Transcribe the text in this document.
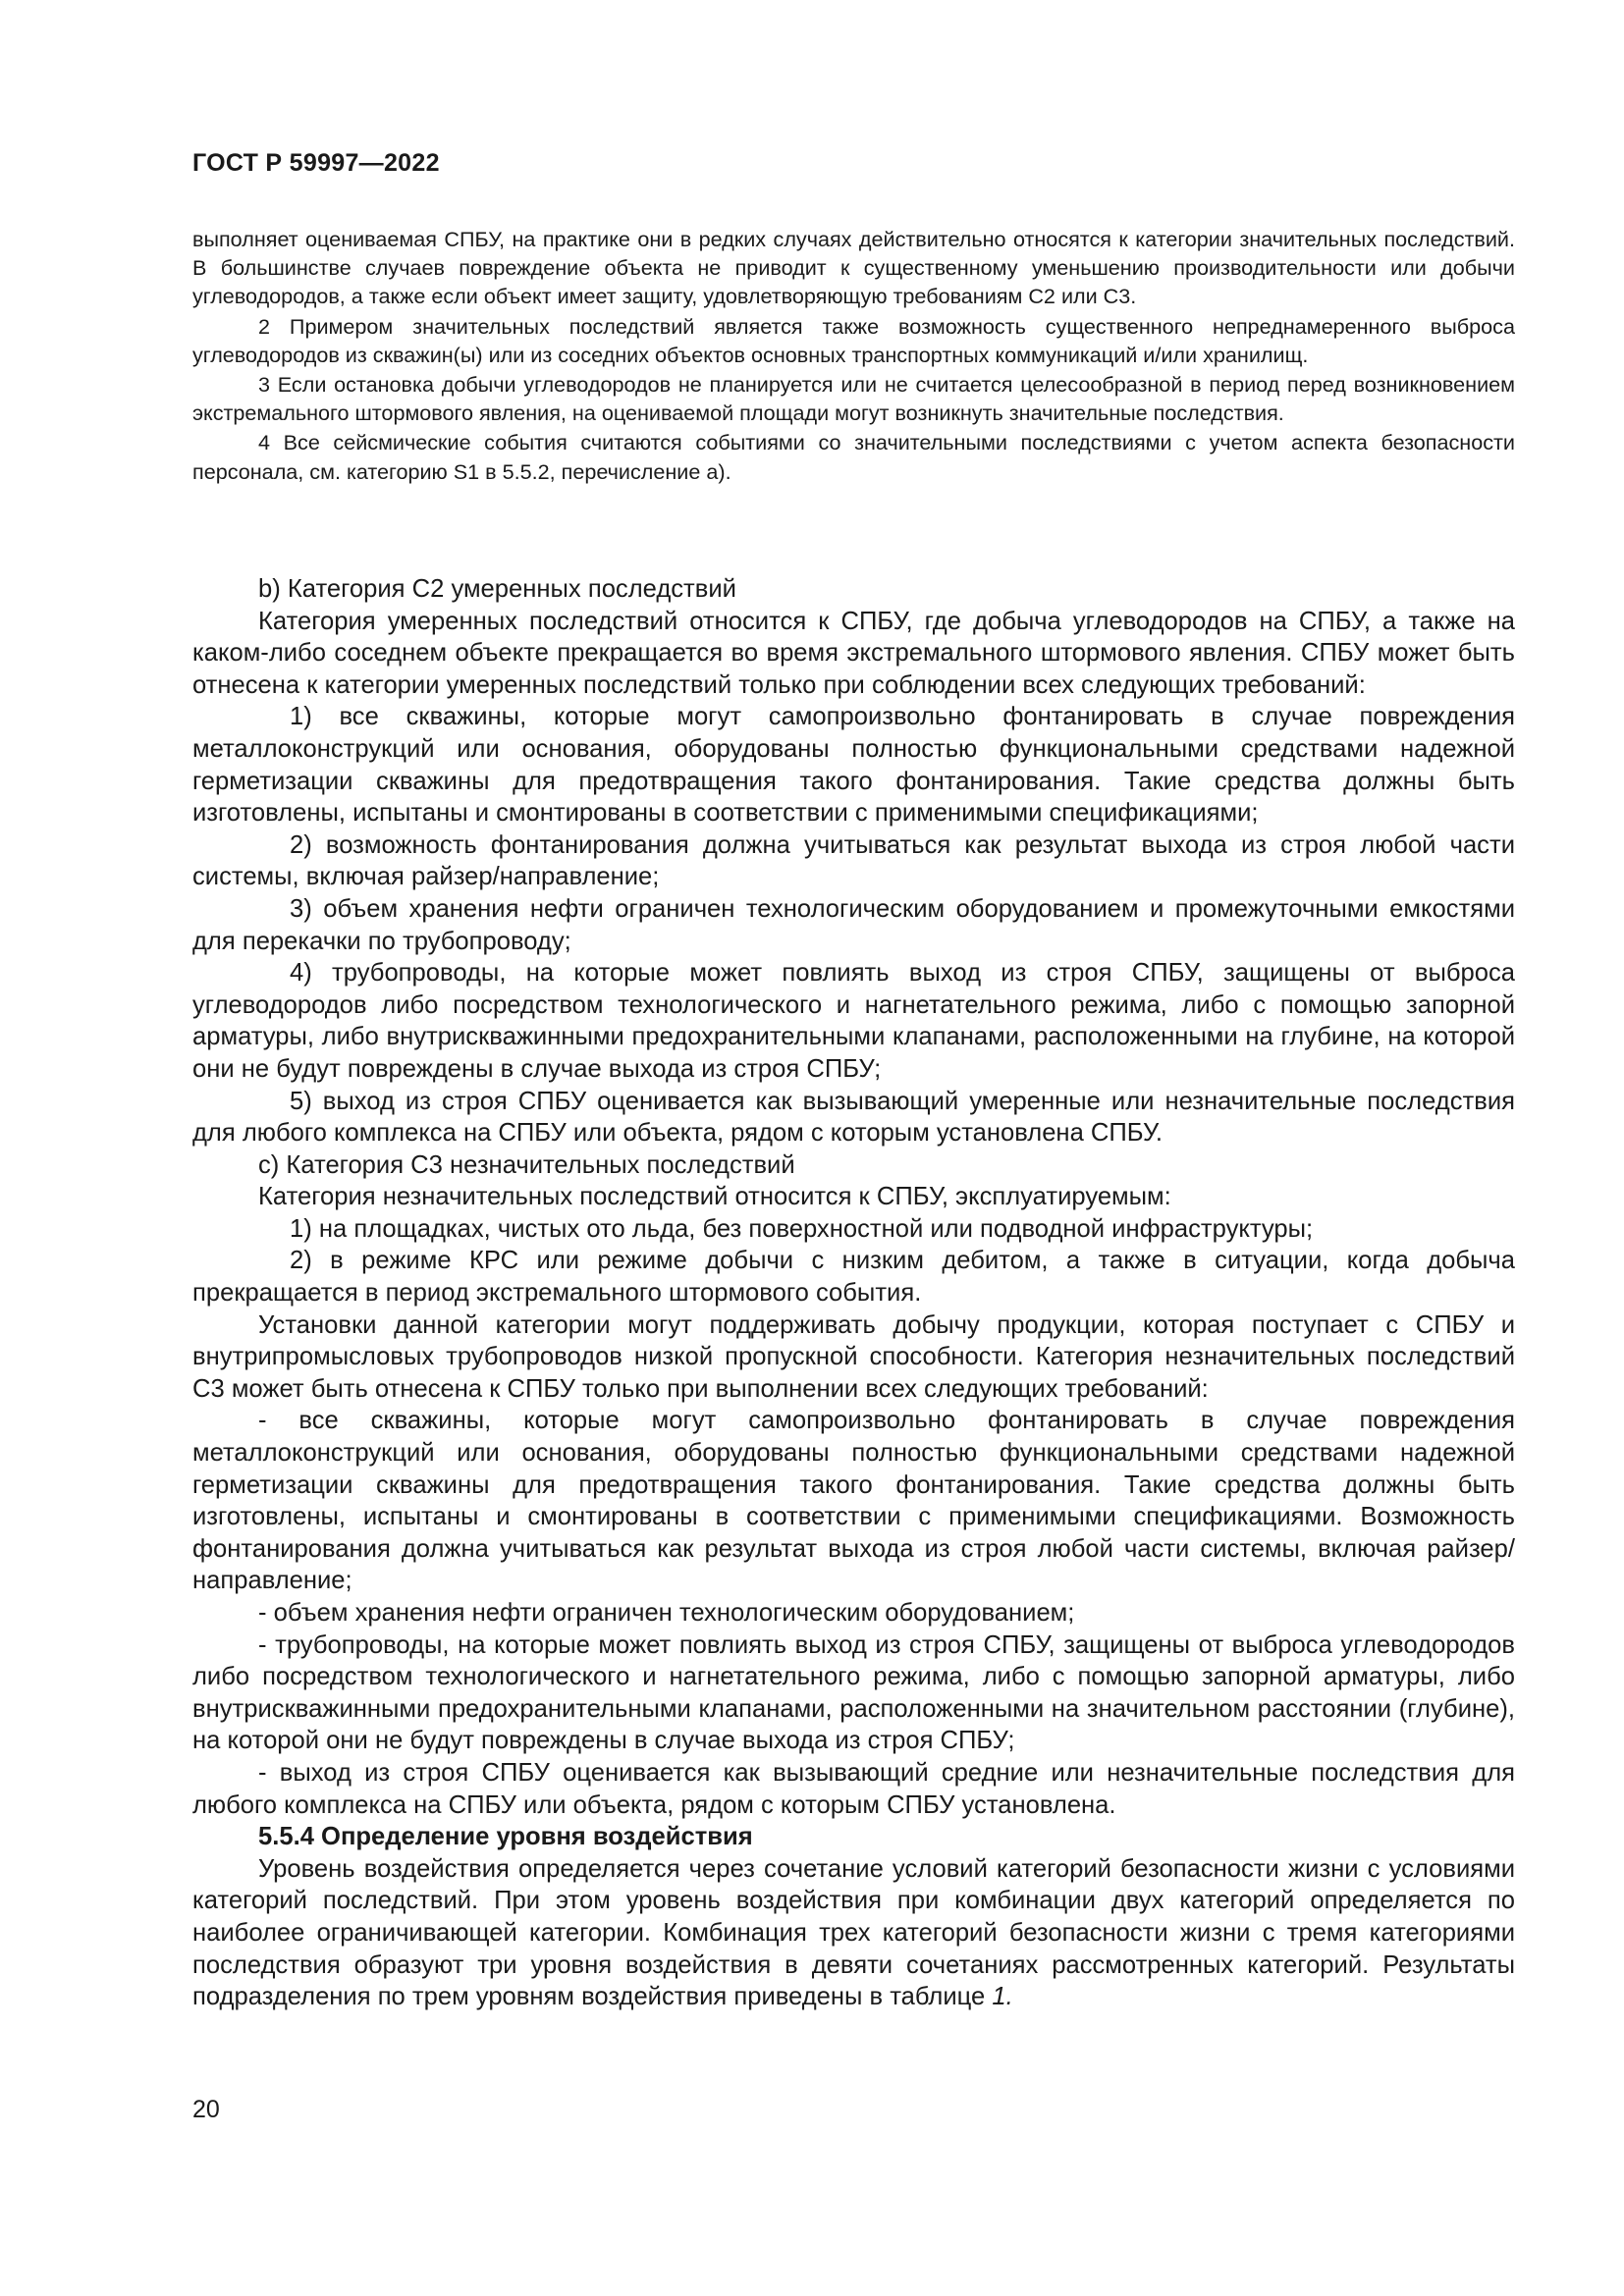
ГОСТ Р 59997—2022

выполняет оцениваемая СПБУ, на практике они в редких случаях действительно относятся к категории значительных последствий. В большинстве случаев повреждение объекта не приводит к существенному уменьшению производительности или добычи углеводородов, а также если объект имеет защиту, удовлетворяющую требованиям С2 или С3.

2 Примером значительных последствий является также возможность существенного непреднамеренного выброса углеводородов из скважин(ы) или из соседних объектов основных транспортных коммуникаций и/или хранилищ.

3 Если остановка добычи углеводородов не планируется или не считается целесообразной в период перед возникновением экстремального штормового явления, на оцениваемой площади могут возникнуть значительные последствия.

4 Все сейсмические события считаются событиями со значительными последствиями с учетом аспекта безопасности персонала, см. категорию S1 в 5.5.2, перечисление а).

b) Категория С2 умеренных последствий

Категория умеренных последствий относится к СПБУ, где добыча углеводородов на СПБУ, а также на каком-либо соседнем объекте прекращается во время экстремального штормового явления. СПБУ может быть отнесена к категории умеренных последствий только при соблюдении всех следующих требований:

1) все скважины, которые могут самопроизвольно фонтанировать в случае повреждения металлоконструкций или основания, оборудованы полностью функциональными средствами надежной герметизации скважины для предотвращения такого фонтанирования. Такие средства должны быть изготовлены, испытаны и смонтированы в соответствии с применимыми спецификациями;

2) возможность фонтанирования должна учитываться как результат выхода из строя любой части системы, включая райзер/направление;

3) объем хранения нефти ограничен технологическим оборудованием и промежуточными емкостями для перекачки по трубопроводу;

4) трубопроводы, на которые может повлиять выход из строя СПБУ, защищены от выброса углеводородов либо посредством технологического и нагнетательного режима, либо с помощью запорной арматуры, либо внутрискважинными предохранительными клапанами, расположенными на глубине, на которой они не будут повреждены в случае выхода из строя СПБУ;

5) выход из строя СПБУ оценивается как вызывающий умеренные или незначительные последствия для любого комплекса на СПБУ или объекта, рядом с которым установлена СПБУ.

с) Категория С3 незначительных последствий

Категория незначительных последствий относится к СПБУ, эксплуатируемым:

1) на площадках, чистых ото льда, без поверхностной или подводной инфраструктуры;

2) в режиме КРС или режиме добычи с низким дебитом, а также в ситуации, когда добыча прекращается в период экстремального штормового события.

Установки данной категории могут поддерживать добычу продукции, которая поступает с СПБУ и внутрипромысловых трубопроводов низкой пропускной способности. Категория незначительных последствий С3 может быть отнесена к СПБУ только при выполнении всех следующих требований:

- все скважины, которые могут самопроизвольно фонтанировать в случае повреждения металлоконструкций или основания, оборудованы полностью функциональными средствами надежной герметизации скважины для предотвращения такого фонтанирования. Такие средства должны быть изготовлены, испытаны и смонтированы в соответствии с применимыми спецификациями. Возможность фонтанирования должна учитываться как результат выхода из строя любой части системы, включая райзер/направление;

- объем хранения нефти ограничен технологическим оборудованием;

- трубопроводы, на которые может повлиять выход из строя СПБУ, защищены от выброса углеводородов либо посредством технологического и нагнетательного режима, либо с помощью запорной арматуры, либо внутрискважинными предохранительными клапанами, расположенными на значительном расстоянии (глубине), на которой они не будут повреждены в случае выхода из строя СПБУ;

- выход из строя СПБУ оценивается как вызывающий средние или незначительные последствия для любого комплекса на СПБУ или объекта, рядом с которым СПБУ установлена.

5.5.4 Определение уровня воздействия

Уровень воздействия определяется через сочетание условий категорий безопасности жизни с условиями категорий последствий. При этом уровень воздействия при комбинации двух категорий определяется по наиболее ограничивающей категории. Комбинация трех категорий безопасности жизни с тремя категориями последствия образуют три уровня воздействия в девяти сочетаниях рассмотренных категорий. Результаты подразделения по трем уровням воздействия приведены в таблице 1.

20
